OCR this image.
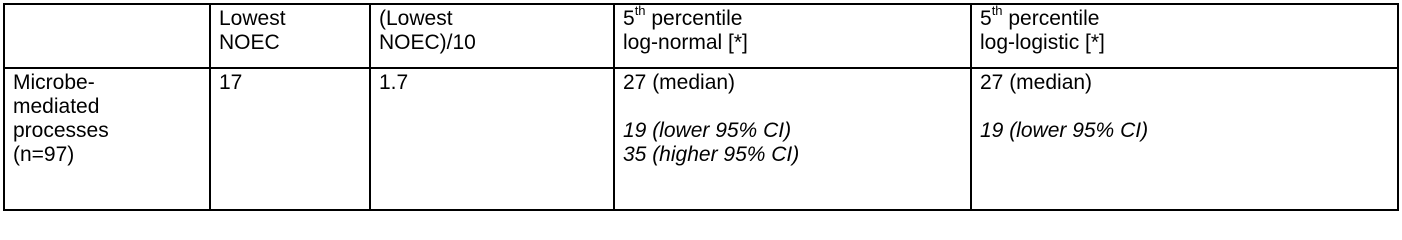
	Lowest
NOEC	(Lowest
NOEC)/10	5th percentile
log-normal [*]	5th percentile
log-logistic [*]

Microbe-
mediated
processes
(n=97)	17	1.7	27 (median)
19 (lower 95% CI)
35 (higher 95% CI)	27 (median)
19 (lower 95% CI)
